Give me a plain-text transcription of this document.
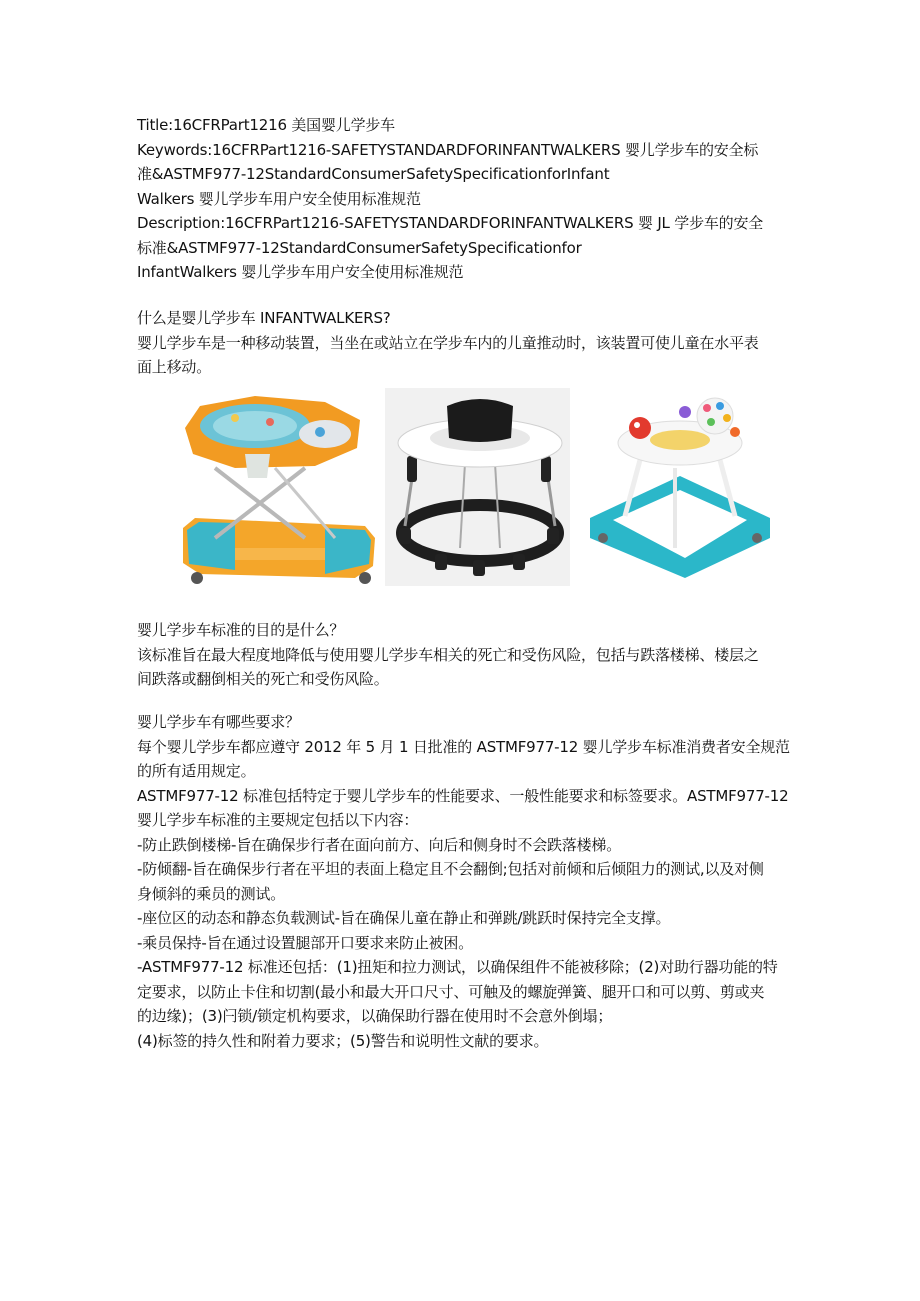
Title:16CFRPart1216 美国婴儿学步车
Keywords:16CFRPart1216-SAFETYSTANDARDFORINFANTWALKERS 婴儿学步车的安全标
准&ASTMF977-12StandardConsumerSafetySpecificationforInfant
Walkers 婴儿学步车用户安全使用标准规范
Description:16CFRPart1216-SAFETYSTANDARDFORINFANTWALKERS 婴 JL 学步车的安全
标准&ASTMF977-12StandardConsumerSafetySpecificationfor
InfantWalkers 婴儿学步车用户安全使用标准规范
什么是婴儿学步车 INFANTWALKERS?
婴儿学步车是一种移动装置，当坐在或站立在学步车内的儿童推动时，该装置可使儿童在水平表
面上移动。
婴儿学步车标准的目的是什么？
该标准旨在最大程度地降低与使用婴儿学步车相关的死亡和受伤风险，包括与跌落楼梯、楼层之
间跌落或翻倒相关的死亡和受伤风险。
婴儿学步车有哪些要求？
每个婴儿学步车都应遵守 2012 年 5 月 1 日批准的 ASTMF977-12 婴儿学步车标准消费者安全规范
的所有适用规定。
ASTMF977-12 标准包括特定于婴儿学步车的性能要求、一般性能要求和标签要求。ASTMF977-12
婴儿学步车标准的主要规定包括以下内容：
-防止跌倒楼梯-旨在确保步行者在面向前方、向后和侧身时不会跌落楼梯。
-防倾翻-旨在确保步行者在平坦的表面上稳定且不会翻倒;包括对前倾和后倾阻力的测试,以及对侧
身倾斜的乘员的测试。
-座位区的动态和静态负载测试-旨在确保儿童在静止和弹跳/跳跃时保持完全支撑。
-乘员保持-旨在通过设置腿部开口要求来防止被困。
-ASTMF977-12 标准还包括：(1)扭矩和拉力测试，以确保组件不能被移除；(2)对助行器功能的特
定要求，以防止卡住和切割(最小和最大开口尺寸、可触及的螺旋弹簧、腿开口和可以剪、剪或夹
的边缘)；(3)闩锁/锁定机构要求，以确保助行器在使用时不会意外倒塌；
(4)标签的持久性和附着力要求；(5)警告和说明性文献的要求。
